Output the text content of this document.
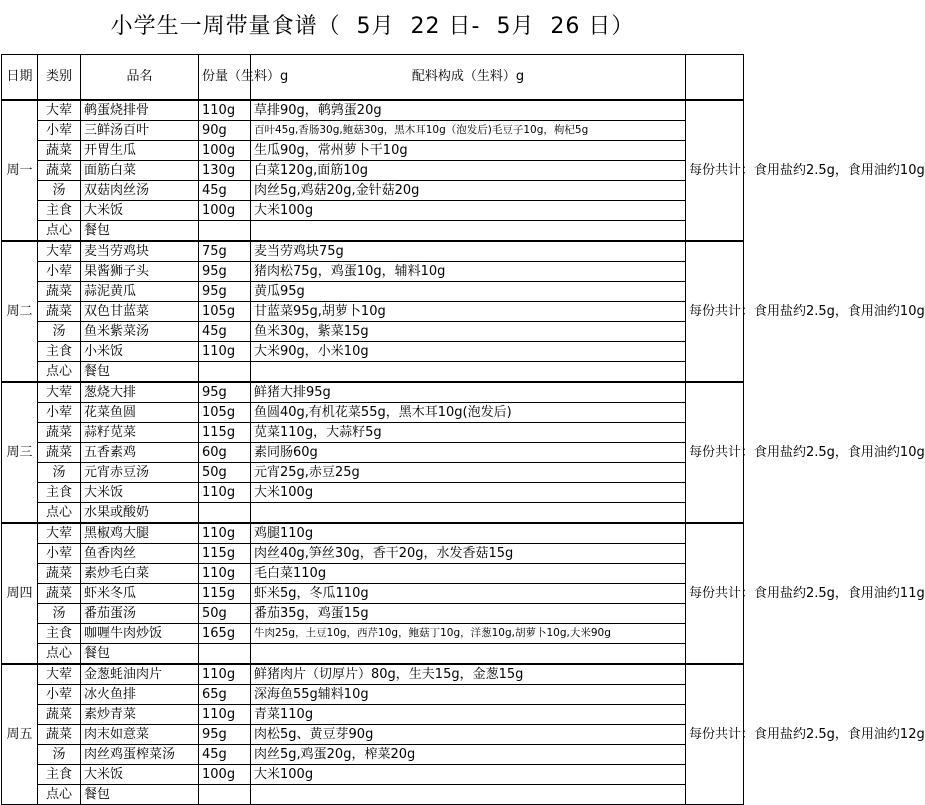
小学生一周带量食谱（  5月  22 日-  5月  26 日）
日期	类别	品名	份量（生料）g	配料构成（生料）g	
周一	大荤	鹌蛋烧排骨	110g	草排90g，鹌鹑蛋20g	每份共计：食用盐约2.5g，食用油约10g
	小荤	三鲜汤百叶	90g	百叶45g,香肠30g,鲍菇30g，黑木耳10g（泡发后)毛豆子10g，枸杞5g	
	蔬菜	开胃生瓜	100g	生瓜90g，常州萝卜干10g	
	蔬菜	面筋白菜	130g	白菜120g,面筋10g	
	汤	双菇肉丝汤	45g	肉丝5g,鸡菇20g,金针菇20g	
	主食	大米饭	100g	大米100g	
	点心	餐包			
周二	大荤	麦当劳鸡块	75g	麦当劳鸡块75g	每份共计：食用盐约2.5g，食用油约10g
	小荤	果酱狮子头	95g	猪肉松75g，鸡蛋10g，辅料10g	
	蔬菜	蒜泥黄瓜	95g	黄瓜95g	
	蔬菜	双色甘蓝菜	105g	甘蓝菜95g,胡萝卜10g	
	汤	鱼米紫菜汤	45g	鱼米30g，紫菜15g	
	主食	小米饭	110g	大米90g，小米10g	
	点心	餐包			
周三	大荤	葱烧大排	95g	鲜猪大排95g	每份共计：食用盐约2.5g，食用油约10g
	小荤	花菜鱼圆	105g	鱼圆40g,有机花菜55g，黑木耳10g(泡发后)	
	蔬菜	蒜籽苋菜	115g	苋菜110g，大蒜籽5g	
	蔬菜	五香素鸡	60g	素同肠60g	
	汤	元宵赤豆汤	50g	元宵25g,赤豆25g	
	主食	大米饭	110g	大米100g	
	点心	水果或酸奶			
周四	大荤	黑椒鸡大腿	110g	鸡腿110g	每份共计：食用盐约2.5g，食用油约11g
	小荤	鱼香肉丝	115g	肉丝40g,笋丝30g，香干20g，水发香菇15g	
	蔬菜	素炒毛白菜	110g	毛白菜110g	
	蔬菜	虾米冬瓜	115g	虾米5g，冬瓜110g	
	汤	番茄蛋汤	50g	番茄35g，鸡蛋15g	
	主食	咖喱牛肉炒饭	165g	牛肉25g，土豆10g，西芹10g，鲍菇丁10g，洋葱10g,胡萝卜10g,大米90g	
	点心	餐包			
周五	大荤	金葱蚝油肉片	110g	鲜猪肉片（切厚片）80g，生夫15g，金葱15g	每份共计：食用盐约2.5g，食用油约12g
	小荤	冰火鱼排	65g	深海鱼55g辅料10g	
	蔬菜	素炒青菜	110g	青菜110g	
	蔬菜	肉末如意菜	95g	肉松5g、黄豆芽90g	
	汤	肉丝鸡蛋榨菜汤	45g	肉丝5g,鸡蛋20g，榨菜20g	
	主食	大米饭	100g	大米100g	
	点心	餐包			
